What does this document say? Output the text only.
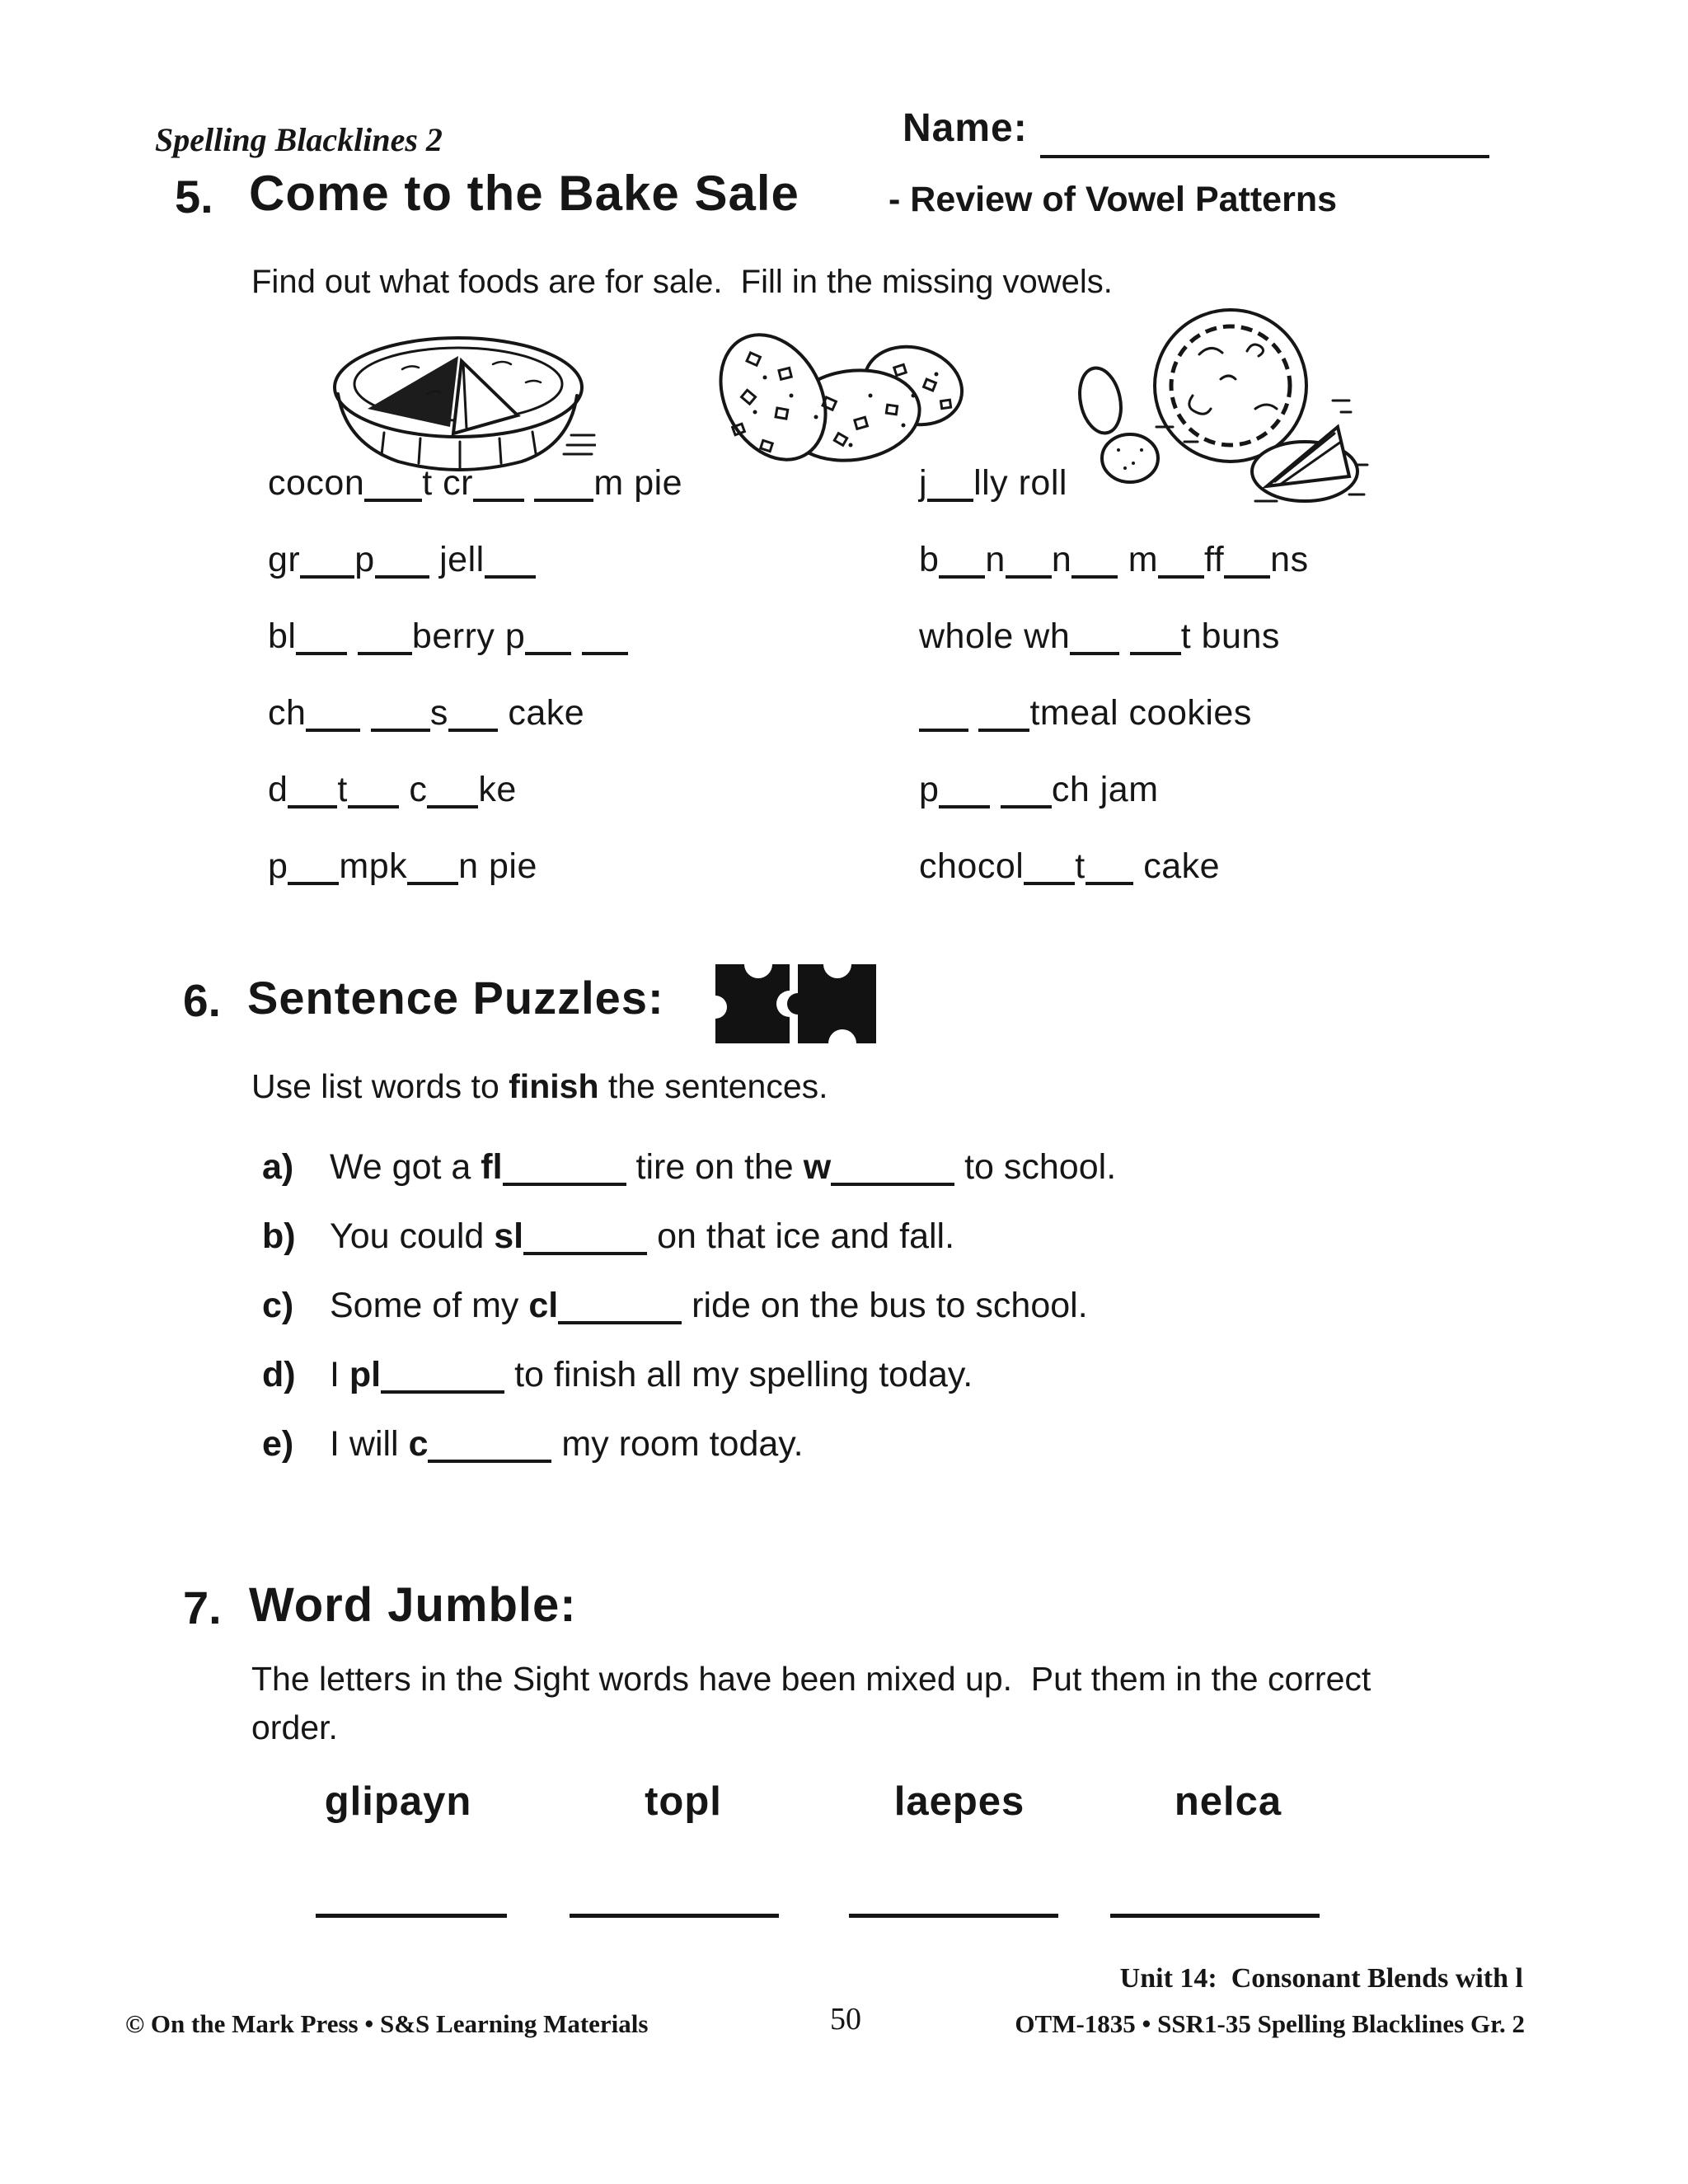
Spelling Blacklines 2	Name:
5. Come to the Bake Sale	- Review of Vowel Patterns
Find out what foods are for sale.  Fill in the missing vowels.
cocon t cr	m pie
gr p jell
bl	berry p
ch	s cake
d t c ke
p mpk n pie
j lly roll
b n n m ff ns
whole wh	t buns
tmeal cookies
p	ch jam
chocol t cake
6. Sentence Puzzles:
Use list words to finish the sentences.
a)	We got a fl	tire on the w	to school.
b) You could sl	on that ice and fall.
c)	Some of my cl	ride on the bus to school.
d) I pl	to finish all my spelling today.
e)	I will c	my room today.
7. Word Jumble:
The letters in the Sight words have been mixed up.  Put them in the correct order.
glipayn	topl	laepes	nelca
Unit 14:  Consonant Blends with l
© On the Mark Press • S&S Learning Materials	50	OTM-1835 • SSR1-35 Spelling Blacklines Gr. 2
